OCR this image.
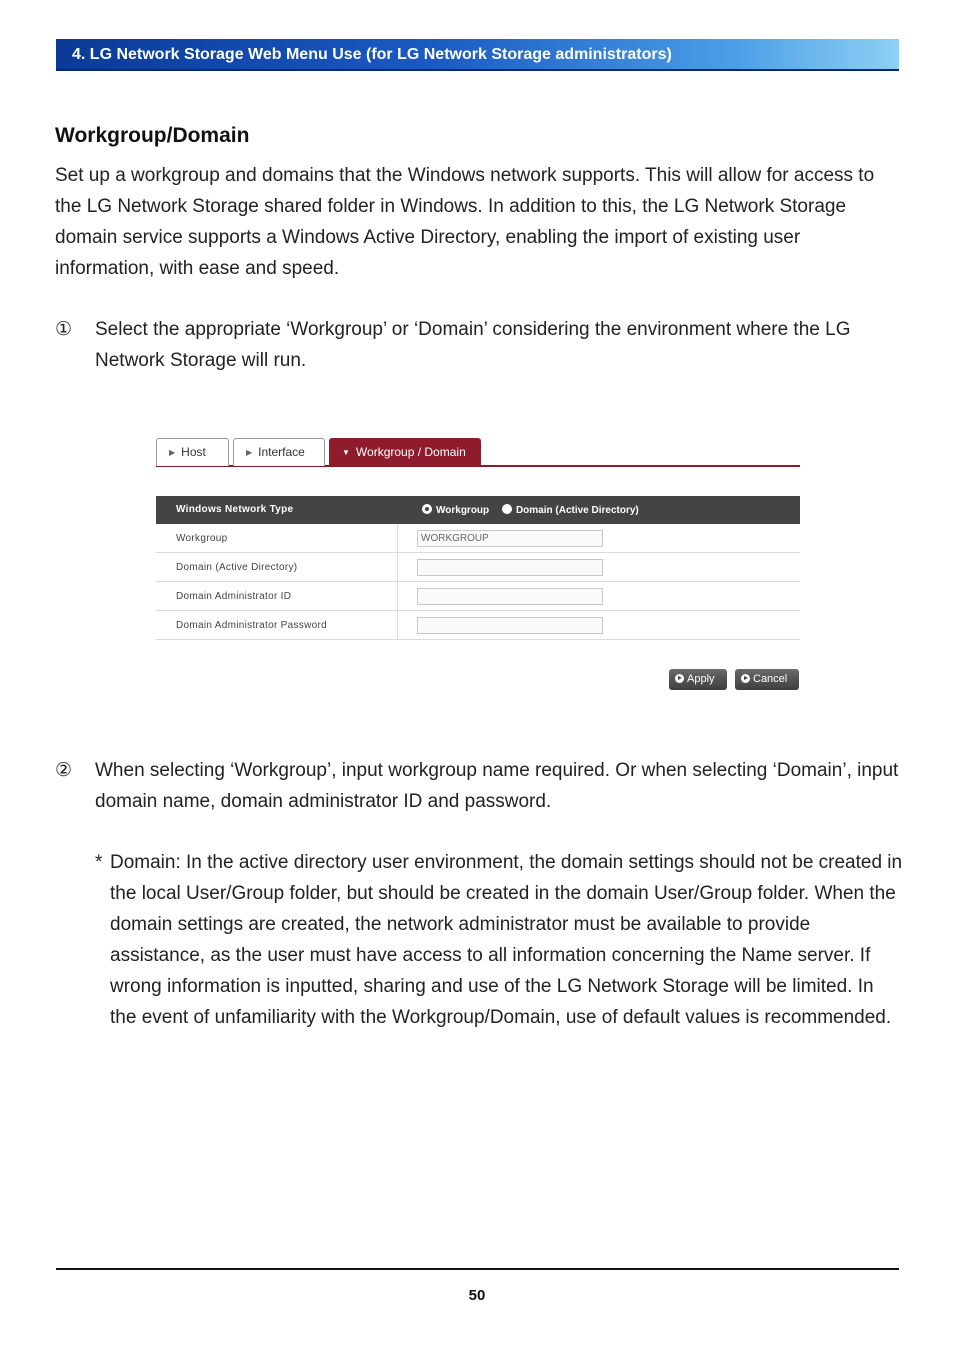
4. LG Network Storage Web Menu Use (for LG Network Storage administrators)
Workgroup/Domain
Set up a workgroup and domains that the Windows network supports. This will allow for access to the LG Network Storage shared folder in Windows. In addition to this, the LG Network Storage domain service supports a Windows Active Directory, enabling the import of existing user information, with ease and speed.
①	Select the appropriate ‘Workgroup’ or ‘Domain’ considering the environment where the LG Network Storage will run.
▶ Host	▶ Interface	▼ Workgroup / Domain
Windows Network Type	Workgroup	Domain (Active Directory)
Workgroup	WORKGROUP
Domain (Active Directory)
Domain Administrator ID
Domain Administrator Password
Apply	Cancel
②	When selecting ‘Workgroup’, input workgroup name required. Or when selecting ‘Domain’, input domain name, domain administrator ID and password.
* Domain: In the active directory user environment, the domain settings should not be created in the local User/Group folder, but should be created in the domain User/Group folder. When the domain settings are created, the network administrator must be available to provide assistance, as the user must have access to all information concerning the Name server. If wrong information is inputted, sharing and use of the LG Network Storage will be limited. In the event of unfamiliarity with the Workgroup/Domain, use of default values is recommended.
50
